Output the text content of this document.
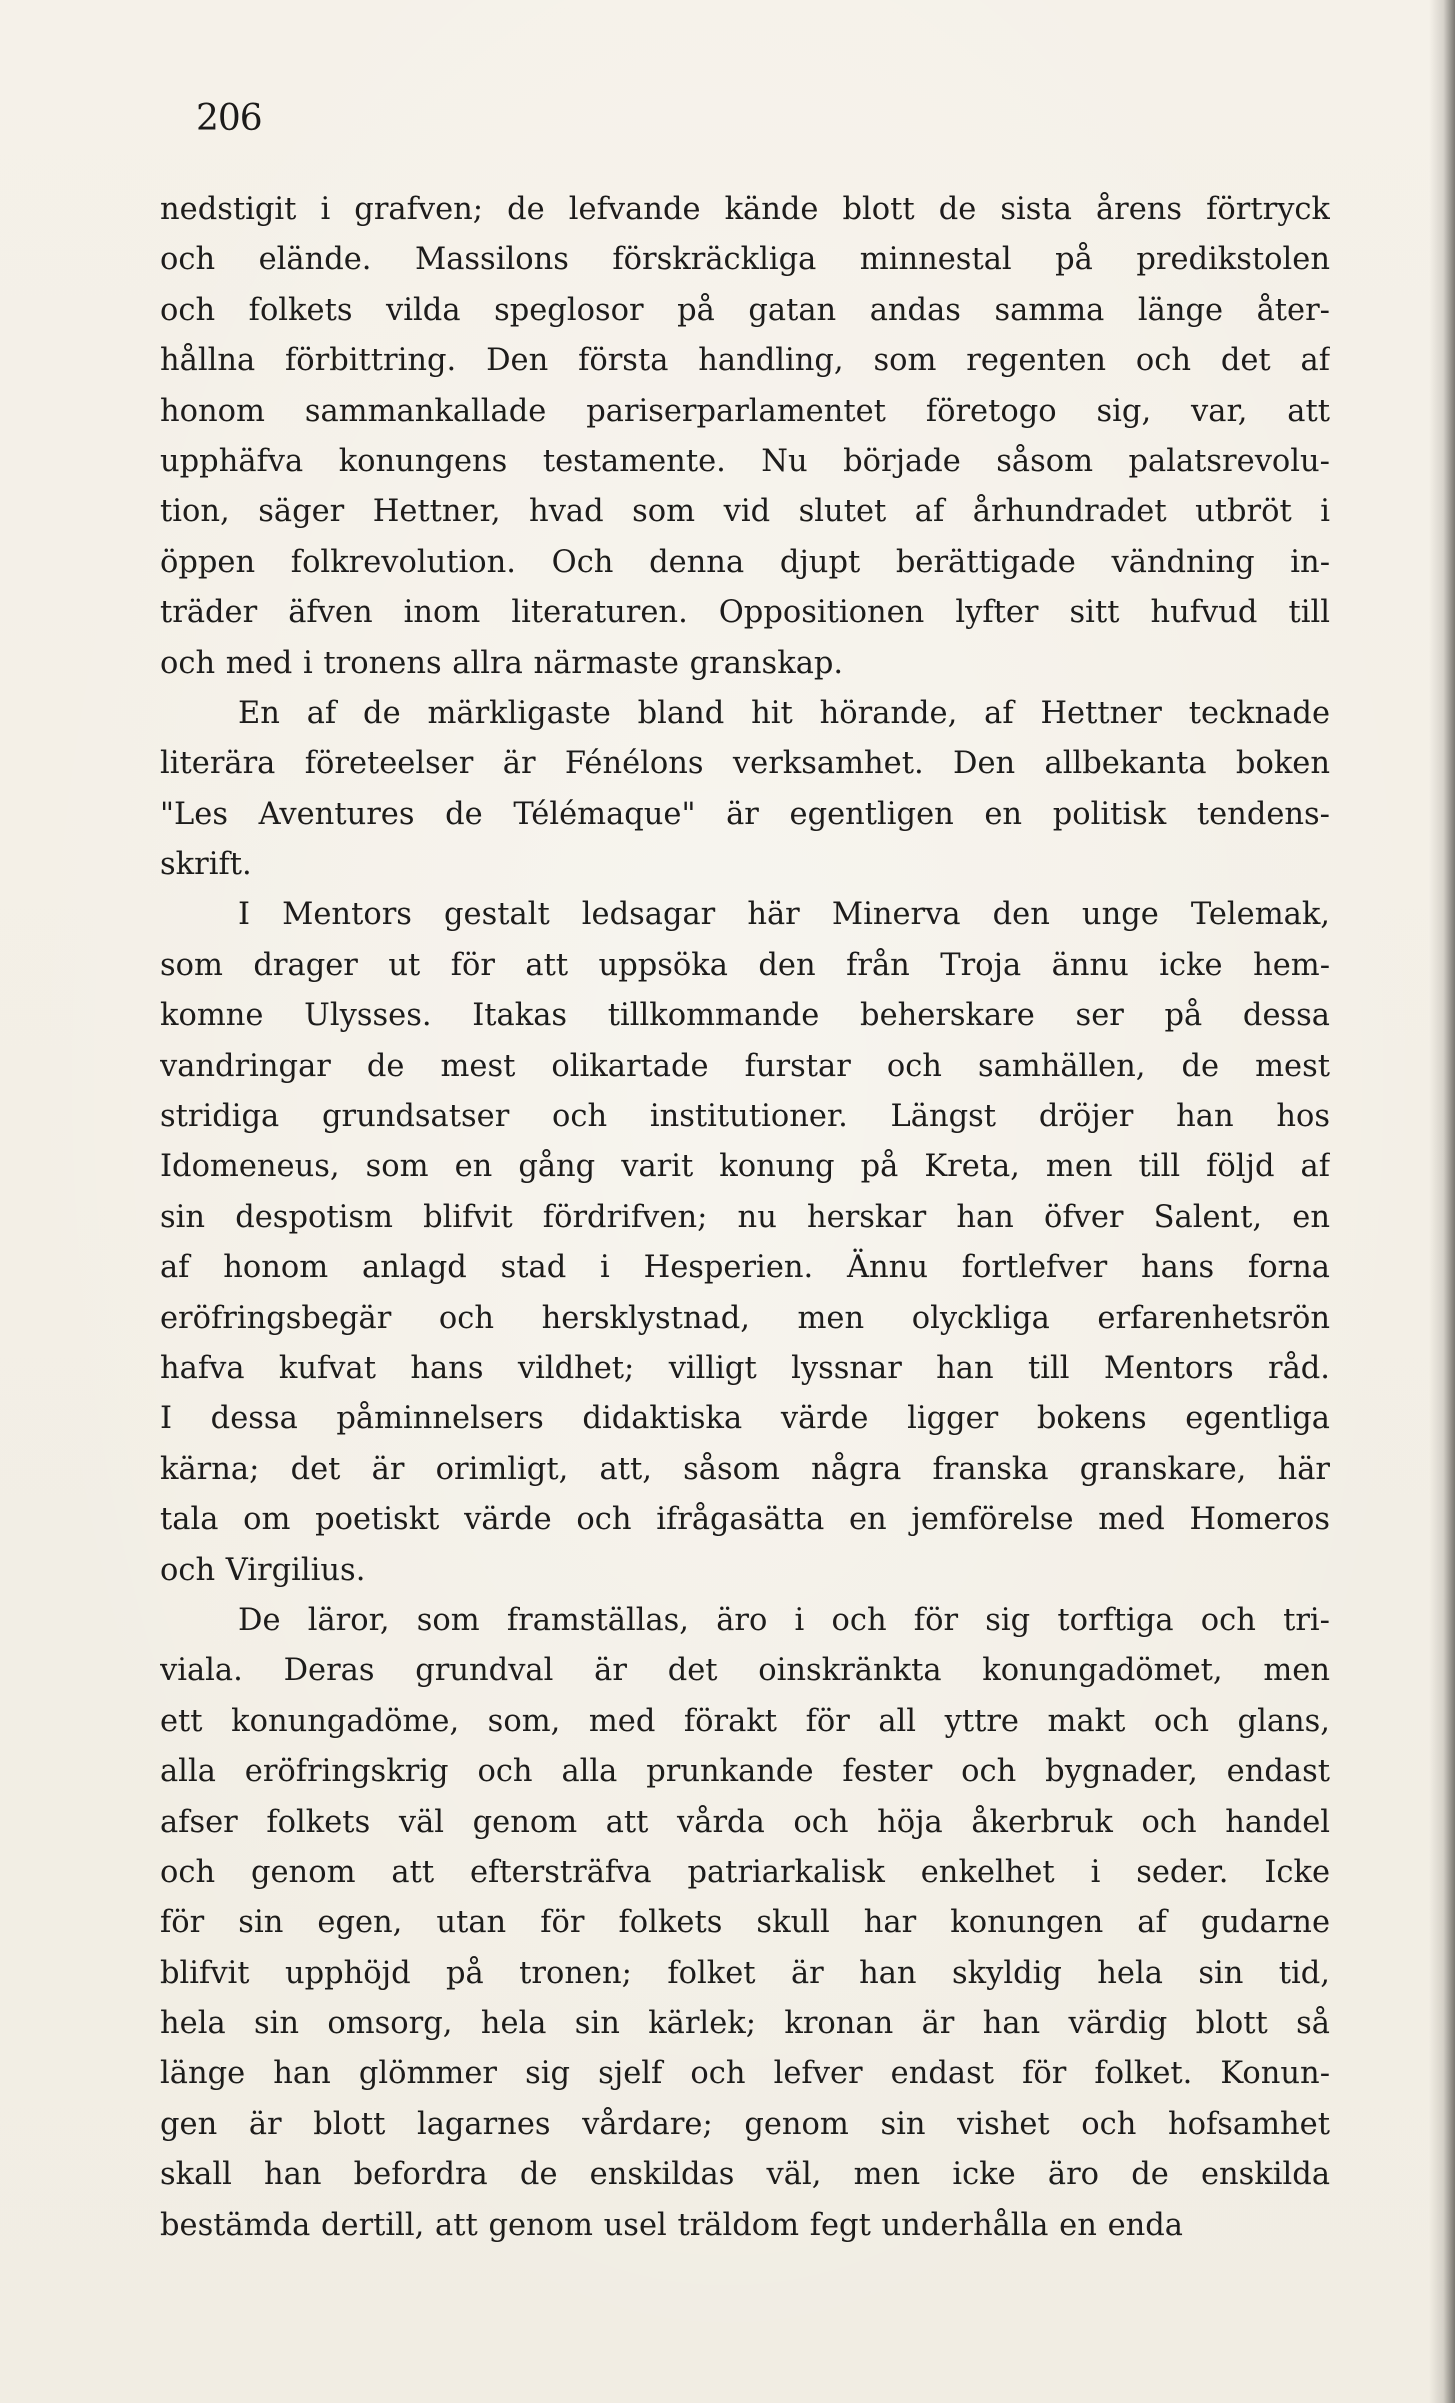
206
nedstigit i grafven; de lefvande kände blott de sista årens förtryck
och elände. Massilons förskräckliga minnestal på predikstolen
och folkets vilda speglosor på gatan andas samma länge åter-
hållna förbittring. Den första handling, som regenten och det af
honom sammankallade pariserparlamentet företogo sig, var, att
upphäfva konungens testamente. Nu började såsom palatsrevolu-
tion, säger Hettner, hvad som vid slutet af århundradet utbröt i
öppen folkrevolution. Och denna djupt berättigade vändning in-
träder äfven inom literaturen. Oppositionen lyfter sitt hufvud till
och med i tronens allra närmaste granskap.
En af de märkligaste bland hit hörande, af Hettner tecknade
literära företeelser är Fénélons verksamhet. Den allbekanta boken
"Les Aventures de Télémaque" är egentligen en politisk tendens-
skrift.
I Mentors gestalt ledsagar här Minerva den unge Telemak,
som drager ut för att uppsöka den från Troja ännu icke hem-
komne Ulysses. Itakas tillkommande beherskare ser på dessa
vandringar de mest olikartade furstar och samhällen, de mest
stridiga grundsatser och institutioner. Längst dröjer han hos
Idomeneus, som en gång varit konung på Kreta, men till följd af
sin despotism blifvit fördrifven; nu herskar han öfver Salent, en
af honom anlagd stad i Hesperien. Ännu fortlefver hans forna
eröfringsbegär och hersklystnad, men olyckliga erfarenhetsrön
hafva kufvat hans vildhet; villigt lyssnar han till Mentors råd.
I dessa påminnelsers didaktiska värde ligger bokens egentliga
kärna; det är orimligt, att, såsom några franska granskare, här
tala om poetiskt värde och ifrågasätta en jemförelse med Homeros
och Virgilius.
De läror, som framställas, äro i och för sig torftiga och tri-
viala. Deras grundval är det oinskränkta konungadömet, men
ett konungadöme, som, med förakt för all yttre makt och glans,
alla eröfringskrig och alla prunkande fester och bygnader, endast
afser folkets väl genom att vårda och höja åkerbruk och handel
och genom att eftersträfva patriarkalisk enkelhet i seder. Icke
för sin egen, utan för folkets skull har konungen af gudarne
blifvit upphöjd på tronen; folket är han skyldig hela sin tid,
hela sin omsorg, hela sin kärlek; kronan är han värdig blott så
länge han glömmer sig sjelf och lefver endast för folket. Konun-
gen är blott lagarnes vårdare; genom sin vishet och hofsamhet
skall han befordra de enskildas väl, men icke äro de enskilda
bestämda dertill, att genom usel träldom fegt underhålla en enda
